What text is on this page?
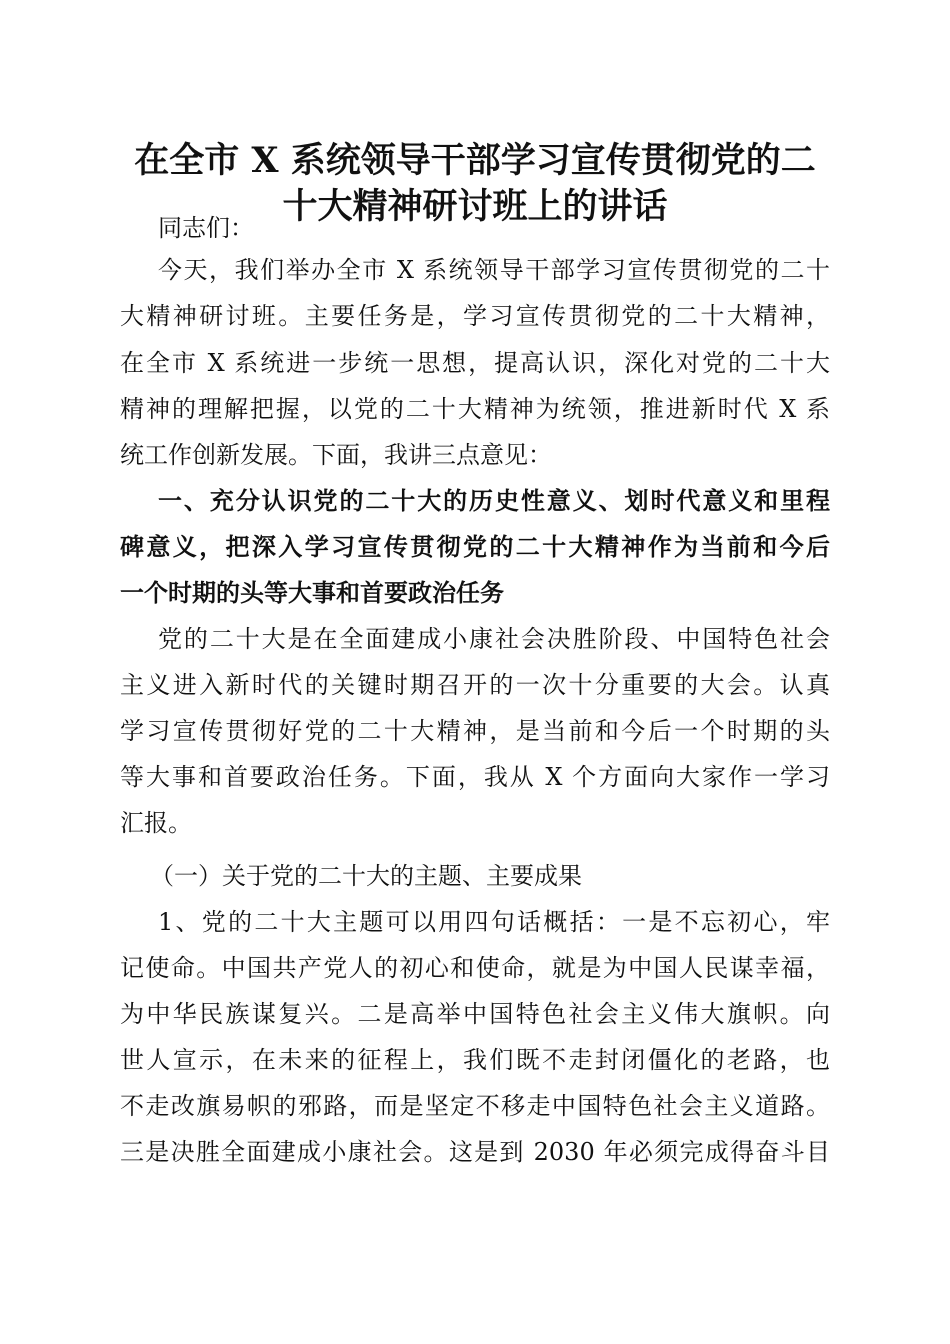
在全市 X 系统领导干部学习宣传贯彻党的二
十大精神研讨班上的讲话

同志们：

今天，我们举办全市 X 系统领导干部学习宣传贯彻党的二十

大精神研讨班。主要任务是，学习宣传贯彻党的二十大精神，

在全市 X 系统进一步统一思想，提高认识，深化对党的二十大

精神的理解把握，以党的二十大精神为统领，推进新时代 X 系

统工作创新发展。下面，我讲三点意见：

一、充分认识党的二十大的历史性意义、划时代意义和里程

碑意义，把深入学习宣传贯彻党的二十大精神作为当前和今后

一个时期的头等大事和首要政治任务

党的二十大是在全面建成小康社会决胜阶段、中国特色社会

主义进入新时代的关键时期召开的一次十分重要的大会。认真

学习宣传贯彻好党的二十大精神，是当前和今后一个时期的头

等大事和首要政治任务。下面，我从 X 个方面向大家作一学习

汇报。

（一）关于党的二十大的主题、主要成果

1、党的二十大主题可以用四句话概括：一是不忘初心，牢

记使命。中国共产党人的初心和使命，就是为中国人民谋幸福，

为中华民族谋复兴。二是高举中国特色社会主义伟大旗帜。向

世人宣示，在未来的征程上，我们既不走封闭僵化的老路，也

不走改旗易帜的邪路，而是坚定不移走中国特色社会主义道路。

三是决胜全面建成小康社会。这是到 2030 年必须完成得奋斗目
